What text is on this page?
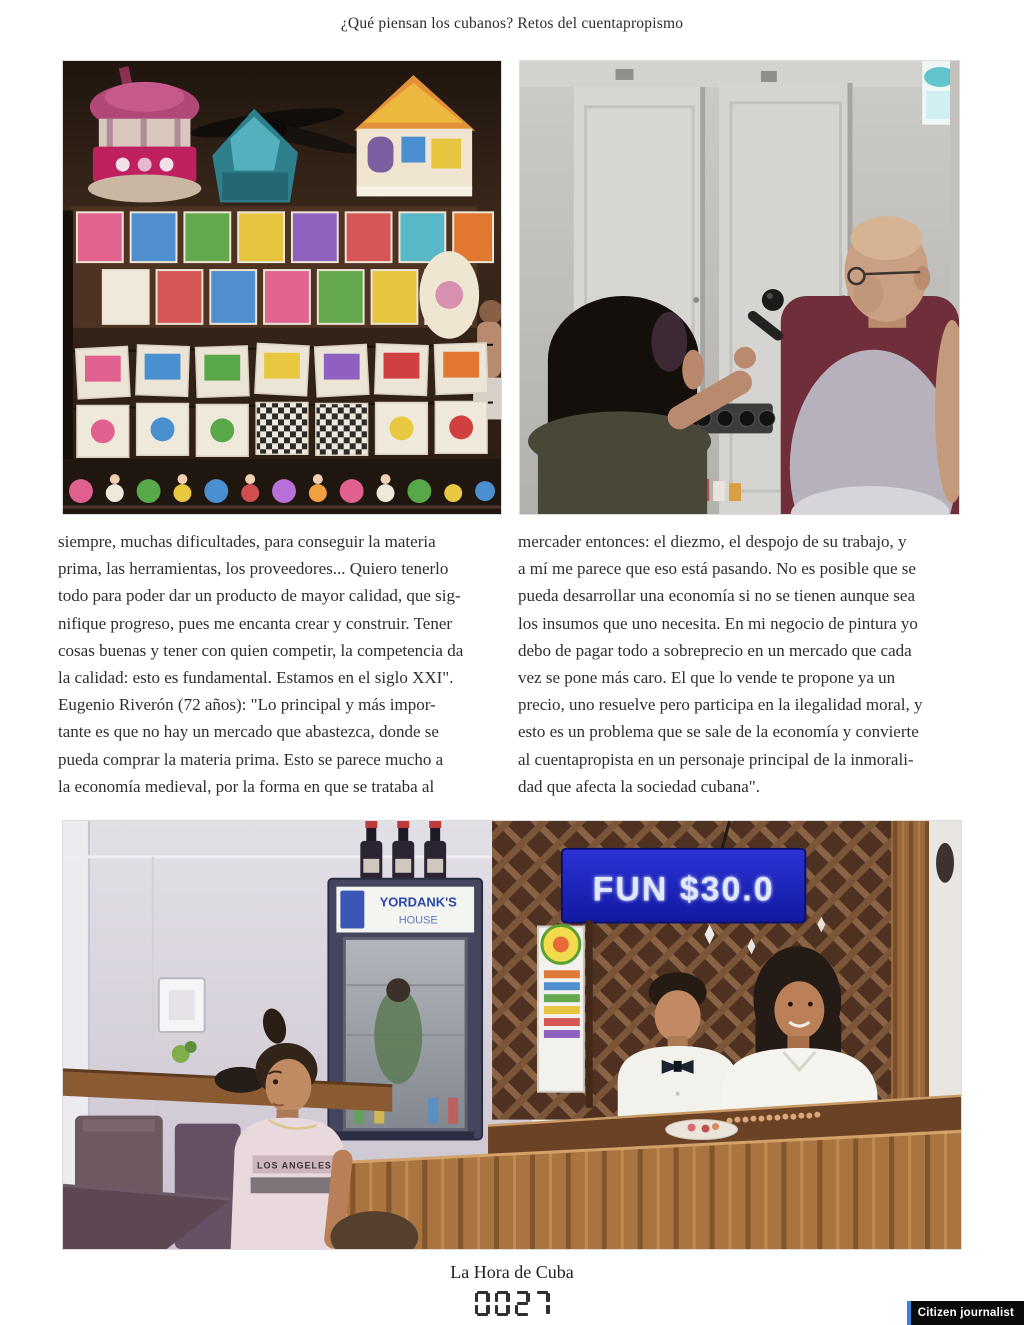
¿Qué piensan los cubanos? Retos del cuentapropismo
siempre, muchas dificultades, para conseguir la materia
prima, las herramientas, los proveedores... Quiero tenerlo
todo para poder dar un producto de mayor calidad, que sig-
nifique progreso, pues me encanta crear y construir. Tener
cosas buenas y tener con quien competir, la competencia da
la calidad: esto es fundamental. Estamos en el siglo XXI".
Eugenio Riverón (72 años): "Lo principal y más impor-
tante es que no hay un mercado que abastezca, donde se
pueda comprar la materia prima. Esto se parece mucho a
la economía medieval, por la forma en que se trataba al
mercader entonces: el diezmo, el despojo de su trabajo, y
a mí me parece que eso está pasando. No es posible que se
pueda desarrollar una economía si no se tienen aunque sea
los insumos que uno necesita. En mi negocio de pintura yo
debo de pagar todo a sobreprecio en un mercado que cada
vez se pone más caro. El que lo vende te propone ya un
precio, uno resuelve pero participa en la ilegalidad moral, y
esto es un problema que se sale de la economía y convierte
al cuentapropista en un personaje principal de la inmorali-
dad que afecta la sociedad cubana".
FUN $30.0
YORDANK'S
HOUSE
LOS ANGELES
La Hora de Cuba
Citizen journalist
